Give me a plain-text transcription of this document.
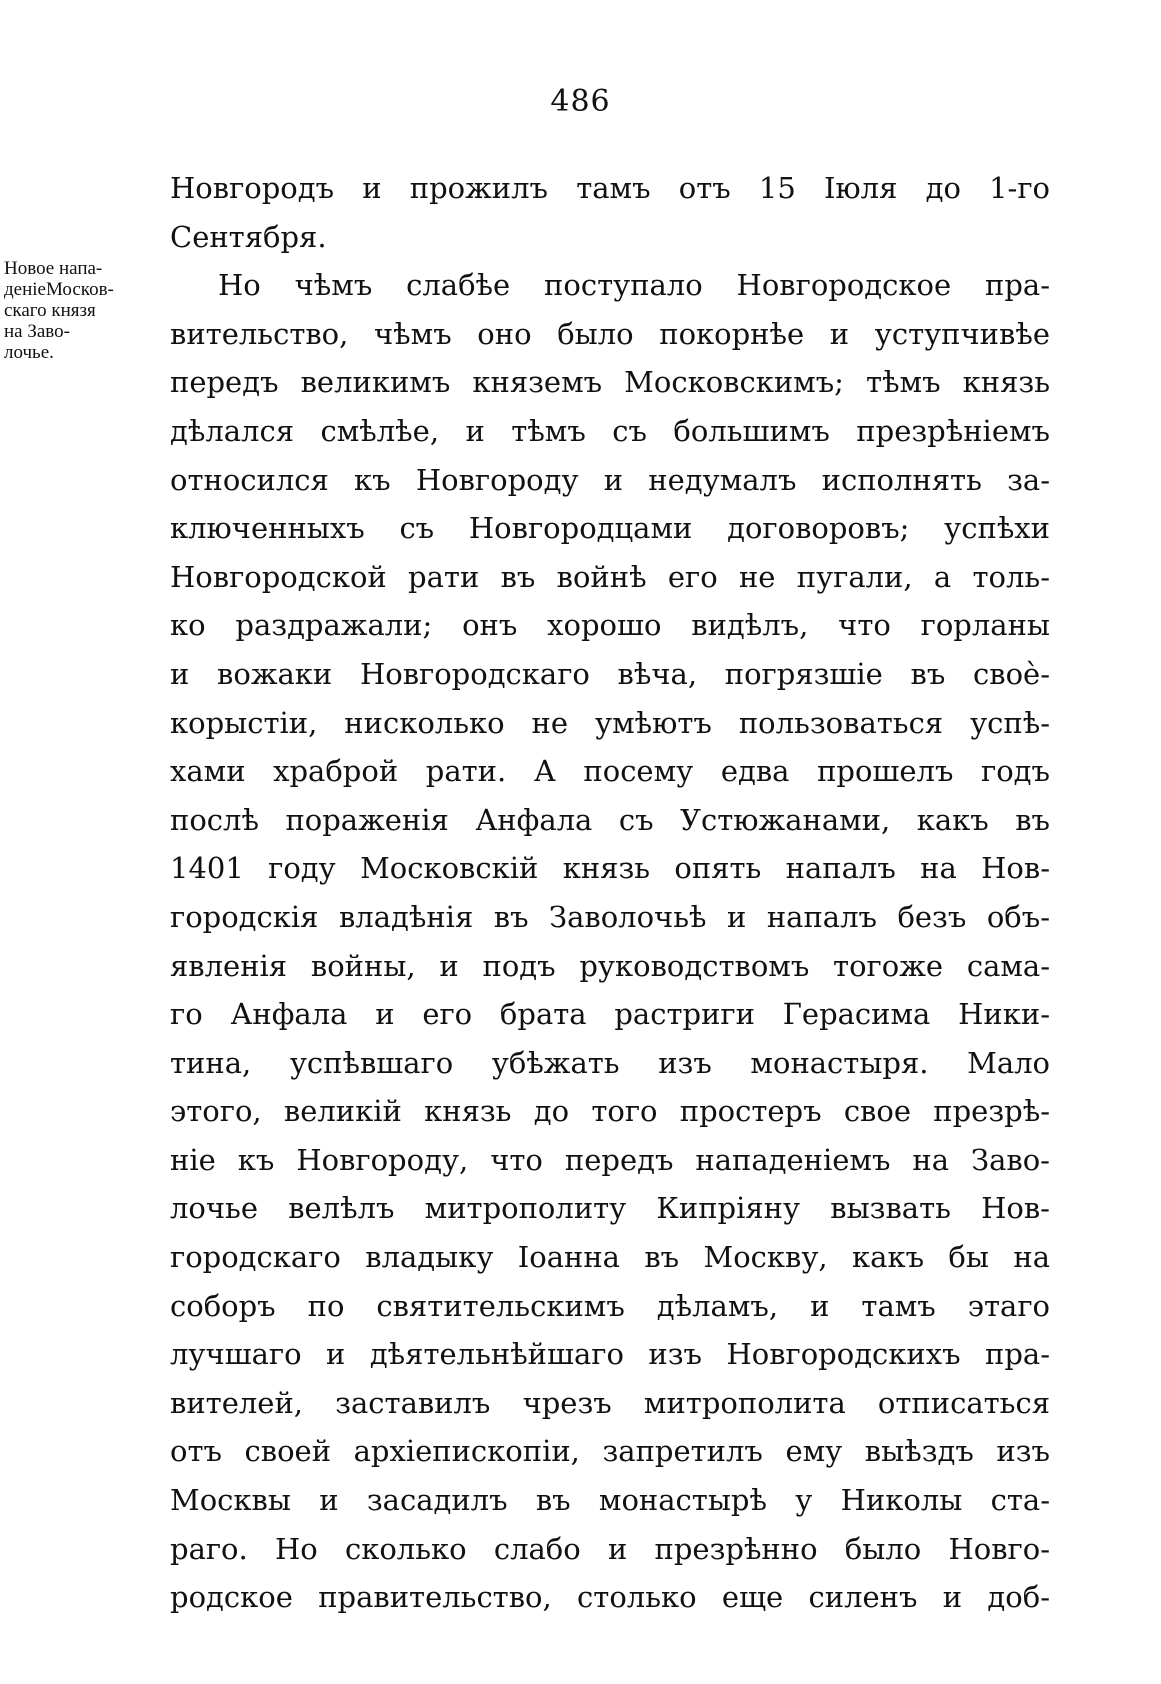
486
Новое напа-
деніеМосков-
скаго князя
на Заво-
лочье.
Новгородъ и прожилъ тамъ отъ 15 Іюля до 1-го
Сентября.
Но чѣмъ слабѣе поступало Новгородское пра-
вительство, чѣмъ оно было покорнѣе и уступчивѣе
передъ великимъ княземъ Московскимъ; тѣмъ князь
дѣлался смѣлѣе, и тѣмъ съ большимъ презрѣніемъ
относился къ Новгороду и недумалъ исполнять за-
ключенныхъ съ Новгородцами договоровъ; успѣхи
Новгородской рати въ войнѣ его не пугали, а толь-
ко раздражали; онъ хорошо видѣлъ, что горланы
и вожаки Новгородскаго вѣча, погрязшіе въ своѐ-
корыстіи, нисколько не умѣютъ пользоваться успѣ-
хами храброй рати. А посему едва прошелъ годъ
послѣ пораженія Анфала съ Устюжанами, какъ въ
1401 году Московскій князь опять напалъ на Нов-
городскія владѣнія въ Заволочьѣ и напалъ безъ объ-
явленія войны, и подъ руководствомъ тогоже сама-
го Анфала и его брата растриги Герасима Ники-
тина, успѣвшаго убѣжать изъ монастыря. Мало
этого, великій князь до того простеръ свое презрѣ-
ніе къ Новгороду, что передъ нападеніемъ на Заво-
лочье велѣлъ митрополиту Кипріяну вызвать Нов-
городскаго владыку Іоанна въ Москву, какъ бы на
соборъ по святительскимъ дѣламъ, и тамъ этаго
лучшаго и дѣятельнѣйшаго изъ Новгородскихъ пра-
вителей, заставилъ чрезъ митрополита отписаться
отъ своей архіепископіи, запретилъ ему выѣздъ изъ
Москвы и засадилъ въ монастырѣ у Николы ста-
раго. Но сколько слабо и презрѣнно было Новго-
родское правительство, столько еще силенъ и доб-
